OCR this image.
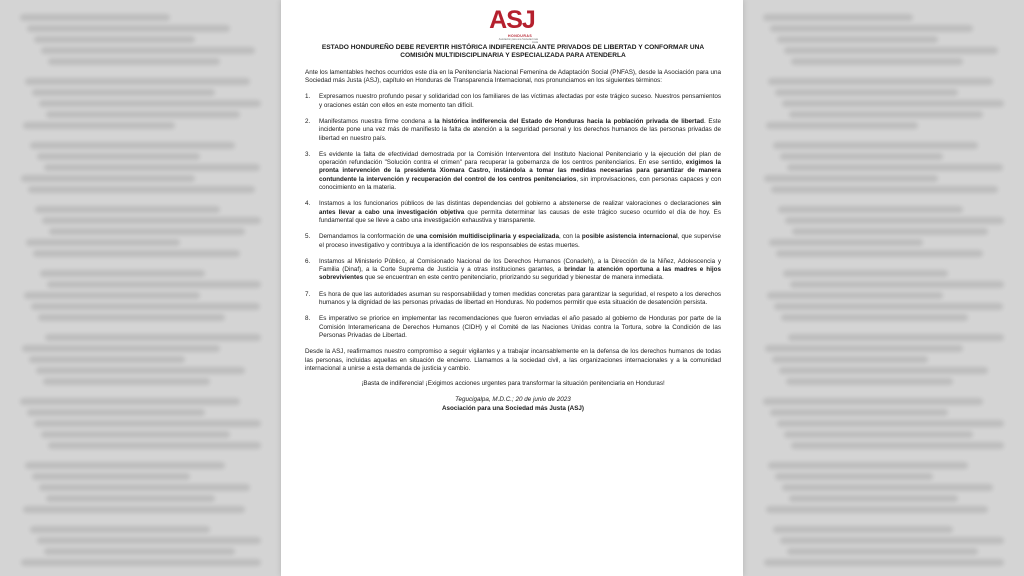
ASJ
HONDURAS
Asociación para una Sociedad más Justa
ESTADO HONDUREÑO DEBE REVERTIR HISTÓRICA INDIFERENCIA ANTE PRIVADOS DE LIBERTAD Y CONFORMAR UNA COMISIÓN MULTIDISCIPLINARIA Y ESPECIALIZADA PARA ATENDERLA
Ante los lamentables hechos ocurridos este día en la Penitenciaría Nacional Femenina de Adaptación Social (PNFAS), desde la Asociación para una Sociedad más Justa (ASJ), capítulo en Honduras de Transparencia Internacional, nos pronunciamos en los siguientes términos:
1.	Expresamos nuestro profundo pesar y solidaridad con los familiares de las víctimas afectadas por este trágico suceso. Nuestros pensamientos y oraciones están con ellos en este momento tan difícil.
2.	Manifestamos nuestra firme condena a la histórica indiferencia del Estado de Honduras hacia la población privada de libertad. Este incidente pone una vez más de manifiesto la falta de atención a la seguridad personal y los derechos humanos de las personas privadas de libertad en nuestro país.
3.	Es evidente la falta de efectividad demostrada por la Comisión Interventora del Instituto Nacional Penitenciario y la ejecución del plan de operación refundación "Solución contra el crimen" para recuperar la gobernanza de los centros penitenciarios. En ese sentido, exigimos la pronta intervención de la presidenta Xiomara Castro, instándola a tomar las medidas necesarias para garantizar de manera contundente la intervención y recuperación del control de los centros penitenciarios, sin improvisaciones, con personas capaces y con conocimiento en la materia.
4.	Instamos a los funcionarios públicos de las distintas dependencias del gobierno a abstenerse de realizar valoraciones o declaraciones sin antes llevar a cabo una investigación objetiva que permita determinar las causas de este trágico suceso ocurrido el día de hoy. Es fundamental que se lleve a cabo una investigación exhaustiva y transparente.
5.	Demandamos la conformación de una comisión multidisciplinaria y especializada, con la posible asistencia internacional, que supervise el proceso investigativo y contribuya a la identificación de los responsables de estas muertes.
6.	Instamos al Ministerio Público, al Comisionado Nacional de los Derechos Humanos (Conadeh), a la Dirección de la Niñez, Adolescencia y Familia (Dinaf), a la Corte Suprema de Justicia y a otras instituciones garantes, a brindar la atención oportuna a las madres e hijos sobrevivientes que se encuentran en este centro penitenciario, priorizando su seguridad y bienestar de manera inmediata.
7.	Es hora de que las autoridades asuman su responsabilidad y tomen medidas concretas para garantizar la seguridad, el respeto a los derechos humanos y la dignidad de las personas privadas de libertad en Honduras. No podemos permitir que esta situación de desatención persista.
8.	Es imperativo se priorice en implementar las recomendaciones que fueron enviadas el año pasado al gobierno de Honduras por parte de la Comisión Interamericana de Derechos Humanos (CIDH) y el Comité de las Naciones Unidas contra la Tortura, sobre la Condición de las Personas Privadas de Libertad.
Desde la ASJ, reafirmamos nuestro compromiso a seguir vigilantes y a trabajar incansablemente en la defensa de los derechos humanos de todas las personas, incluidas aquellas en situación de encierro. Llamamos a la sociedad civil, a las organizaciones internacionales y a la comunidad internacional a unirse a esta demanda de justicia y cambio.
¡Basta de indiferencia! ¡Exigimos acciones urgentes para transformar la situación penitenciaria en Honduras!
Tegucigalpa, M.D.C.; 20 de junio de 2023
Asociación para una Sociedad más Justa (ASJ)
